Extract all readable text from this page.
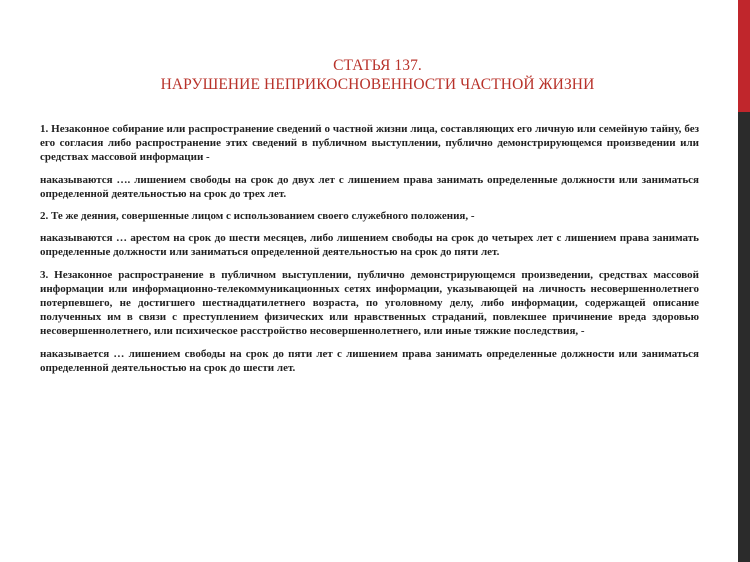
СТАТЬЯ 137.
НАРУШЕНИЕ НЕПРИКОСНОВЕННОСТИ ЧАСТНОЙ ЖИЗНИ

1. Незаконное собирание или распространение сведений о частной жизни лица, составляющих его личную или семейную тайну, без его согласия либо распространение этих сведений в публичном выступлении, публично демонстрирующемся произведении или средствах массовой информации -

наказываются …. лишением свободы на срок до двух лет с лишением права занимать определенные должности или заниматься определенной деятельностью на срок до трех лет.

2. Те же деяния, совершенные лицом с использованием своего служебного положения, -

наказываются … арестом на срок до шести месяцев, либо лишением свободы на срок до четырех лет с лишением права занимать определенные должности или заниматься определенной деятельностью на срок до пяти лет.

3. Незаконное распространение в публичном выступлении, публично демонстрирующемся произведении, средствах массовой информации или информационно-телекоммуникационных сетях информации, указывающей на личность несовершеннолетнего потерпевшего, не достигшего шестнадцатилетнего возраста, по уголовному делу, либо информации, содержащей описание полученных им в связи с преступлением физических или нравственных страданий, повлекшее причинение вреда здоровью несовершеннолетнего, или психическое расстройство несовершеннолетнего, или иные тяжкие последствия, -

наказывается … лишением свободы на срок до пяти лет с лишением права занимать определенные должности или заниматься определенной деятельностью на срок до шести лет.
